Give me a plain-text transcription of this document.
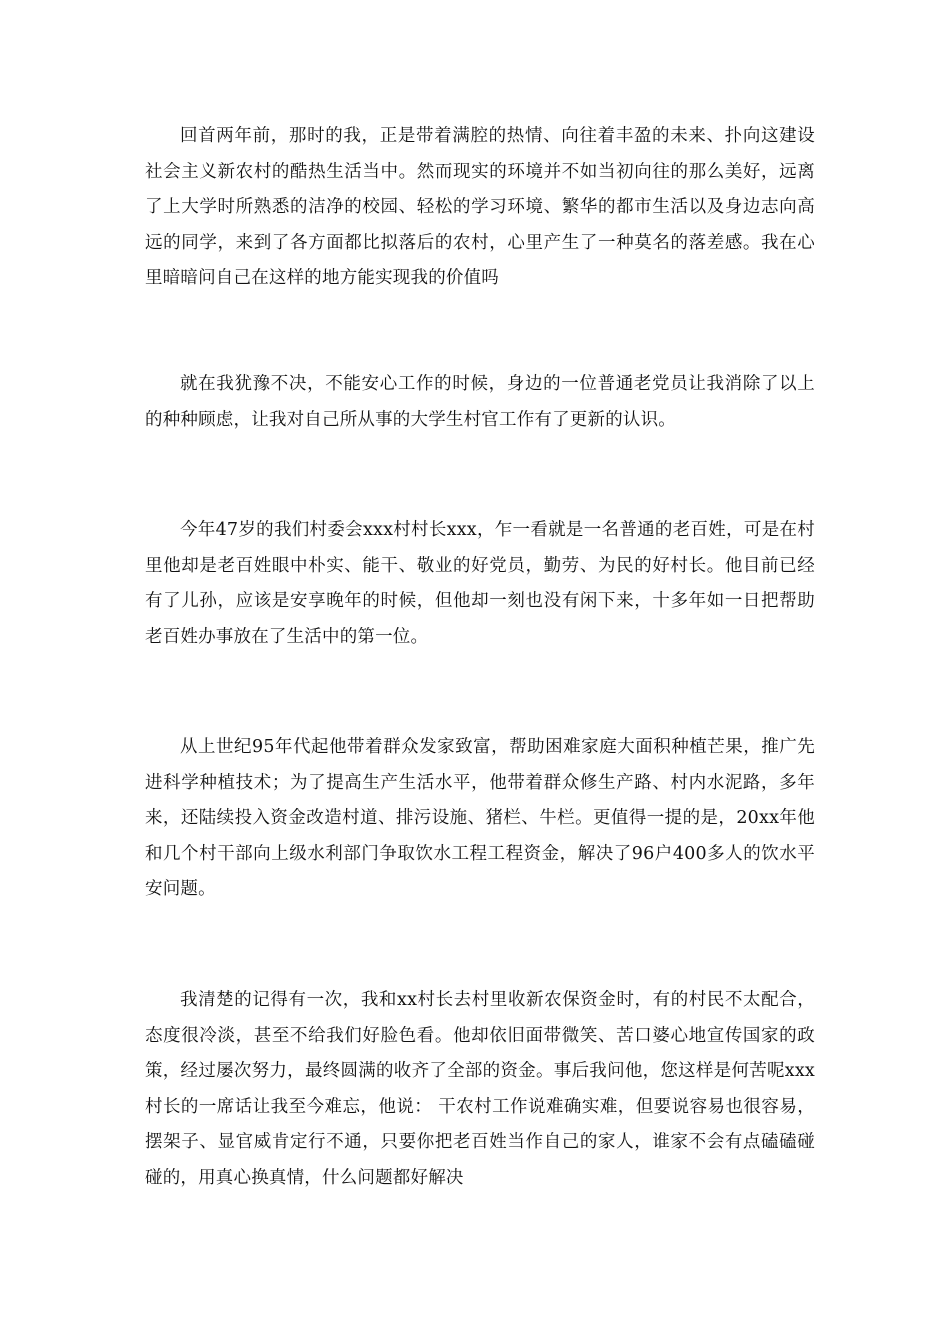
回首两年前，那时的我，正是带着满腔的热情、向往着丰盈的未来、扑向这建设社会主义新农村的酷热生活当中。然而现实的环境并不如当初向往的那么美好，远离了上大学时所熟悉的洁净的校园、轻松的学习环境、繁华的都市生活以及身边志向高远的同学，来到了各方面都比拟落后的农村，心里产生了一种莫名的落差感。我在心里暗暗问自己在这样的地方能实现我的价值吗

就在我犹豫不决，不能安心工作的时候，身边的一位普通老党员让我消除了以上的种种顾虑，让我对自己所从事的大学生村官工作有了更新的认识。

今年47岁的我们村委会xxx村村长xxx，乍一看就是一名普通的老百姓，可是在村里他却是老百姓眼中朴实、能干、敬业的好党员，勤劳、为民的好村长。他目前已经有了儿孙，应该是安享晚年的时候，但他却一刻也没有闲下来，十多年如一日把帮助老百姓办事放在了生活中的第一位。

从上世纪95年代起他带着群众发家致富，帮助困难家庭大面积种植芒果，推广先进科学种植技术；为了提高生产生活水平，他带着群众修生产路、村内水泥路，多年来，还陆续投入资金改造村道、排污设施、猪栏、牛栏。更值得一提的是，20xx年他和几个村干部向上级水利部门争取饮水工程工程资金，解决了96户400多人的饮水平安问题。

我清楚的记得有一次，我和xx村长去村里收新农保资金时，有的村民不太配合，态度很冷淡，甚至不给我们好脸色看。他却依旧面带微笑、苦口婆心地宣传国家的政策，经过屡次努力，最终圆满的收齐了全部的资金。事后我问他，您这样是何苦呢xxx村长的一席话让我至今难忘，他说： 干农村工作说难确实难，但要说容易也很容易，摆架子、显官威肯定行不通，只要你把老百姓当作自己的家人，谁家不会有点磕磕碰碰的，用真心换真情，什么问题都好解决
